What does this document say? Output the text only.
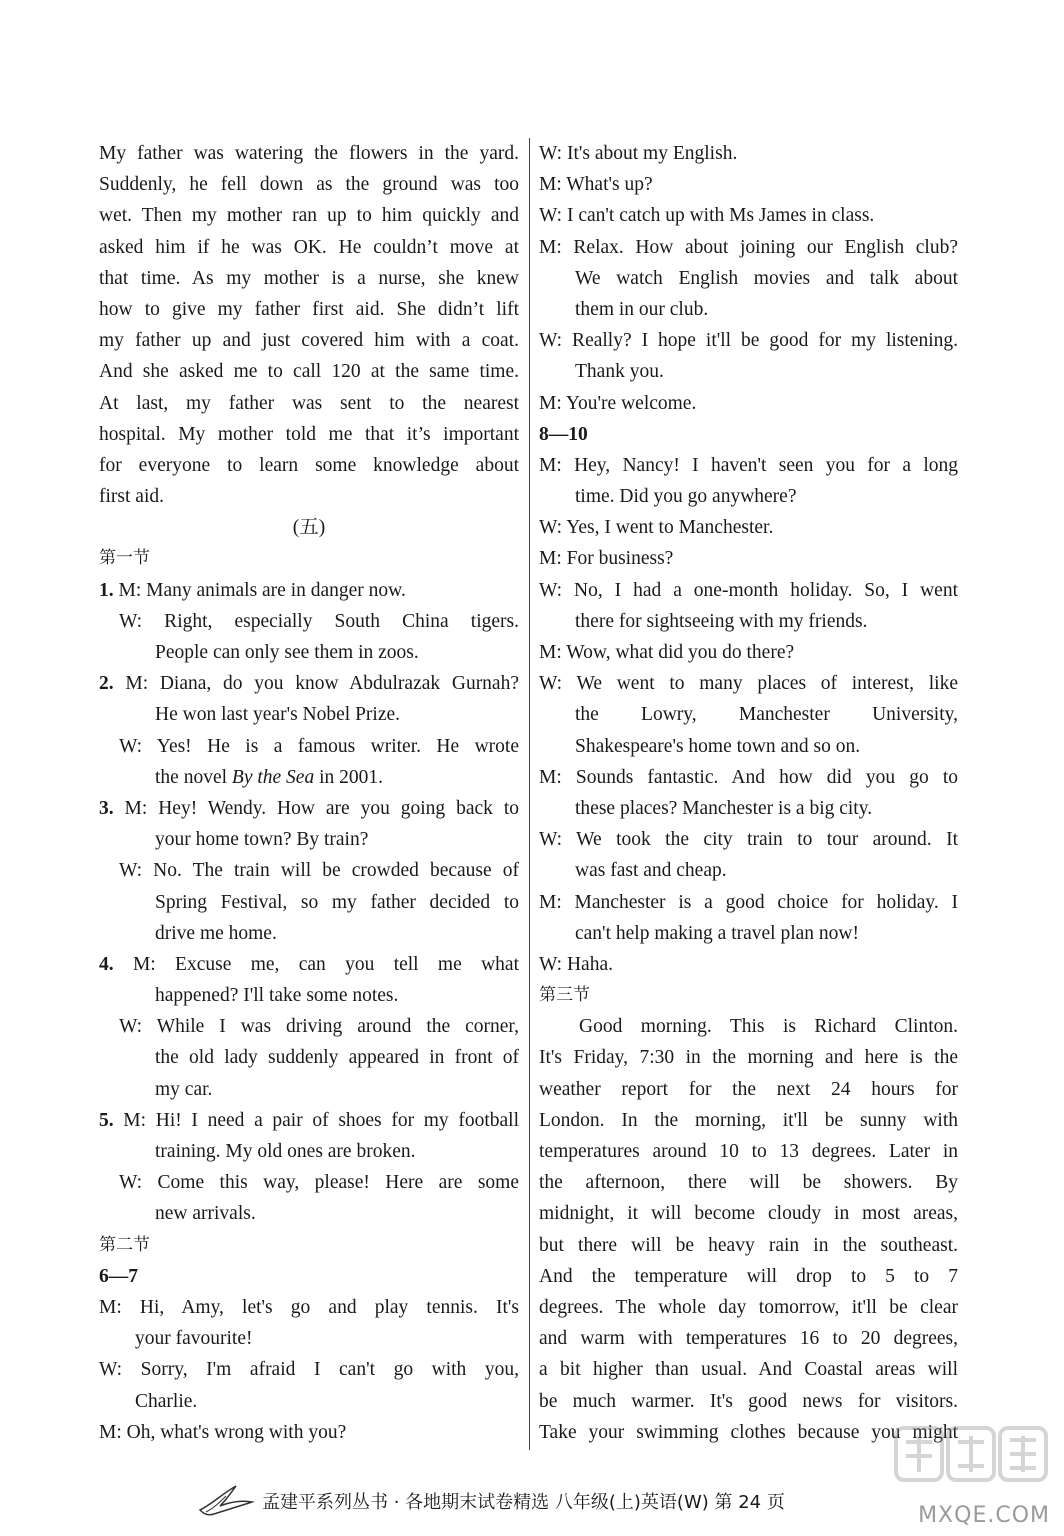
My father was watering the flowers in the yard.
Suddenly, he fell down as the ground was too
wet. Then my mother ran up to him quickly and
asked him if he was OK. He couldn’t move at
that time. As my mother is a nurse, she knew
how to give my father first aid. She didn’t lift
my father up and just covered him with a coat.
And she asked me to call 120 at the same time.
At last, my father was sent to the nearest
hospital. My mother told me that it’s important
for everyone to learn some knowledge about
first aid.
(五)
第一节
1. M: Many animals are in danger now.
W: Right, especially South China tigers.
People can only see them in zoos.
2. M: Diana, do you know Abdulrazak Gurnah?
He won last year's Nobel Prize.
W: Yes! He is a famous writer. He wrote
the novel By the Sea in 2001.
3. M: Hey! Wendy. How are you going back to
your home town? By train?
W: No. The train will be crowded because of
Spring Festival, so my father decided to
drive me home.
4. M: Excuse me, can you tell me what
happened? I'll take some notes.
W: While I was driving around the corner,
the old lady suddenly appeared in front of
my car.
5. M: Hi! I need a pair of shoes for my football
training. My old ones are broken.
W: Come this way, please! Here are some
new arrivals.
第二节
6—7
M: Hi, Amy, let's go and play tennis. It's
your favourite!
W: Sorry, I'm afraid I can't go with you,
Charlie.
M: Oh, what's wrong with you?
W: It's about my English.
M: What's up?
W: I can't catch up with Ms James in class.
M: Relax. How about joining our English club?
We watch English movies and talk about
them in our club.
W: Really? I hope it'll be good for my listening.
Thank you.
M: You're welcome.
8—10
M: Hey, Nancy! I haven't seen you for a long
time. Did you go anywhere?
W: Yes, I went to Manchester.
M: For business?
W: No, I had a one-month holiday. So, I went
there for sightseeing with my friends.
M: Wow, what did you do there?
W: We went to many places of interest, like
the Lowry, Manchester University,
Shakespeare's home town and so on.
M: Sounds fantastic. And how did you go to
these places? Manchester is a big city.
W: We took the city train to tour around. It
was fast and cheap.
M: Manchester is a good choice for holiday. I
can't help making a travel plan now!
W: Haha.
第三节
Good morning. This is Richard Clinton.
It's Friday, 7:30 in the morning and here is the
weather report for the next 24 hours for
London. In the morning, it'll be sunny with
temperatures around 10 to 13 degrees. Later in
the afternoon, there will be showers. By
midnight, it will become cloudy in most areas,
but there will be heavy rain in the southeast.
And the temperature will drop to 5 to 7
degrees. The whole day tomorrow, it'll be clear
and warm with temperatures 16 to 20 degrees,
a bit higher than usual. And Coastal areas will
be much warmer. It's good news for visitors.
Take your swimming clothes because you might
孟建平系列丛书 · 各地期末试卷精选 八年级(上)英语(W) 第 24 页
MXQE.COM
